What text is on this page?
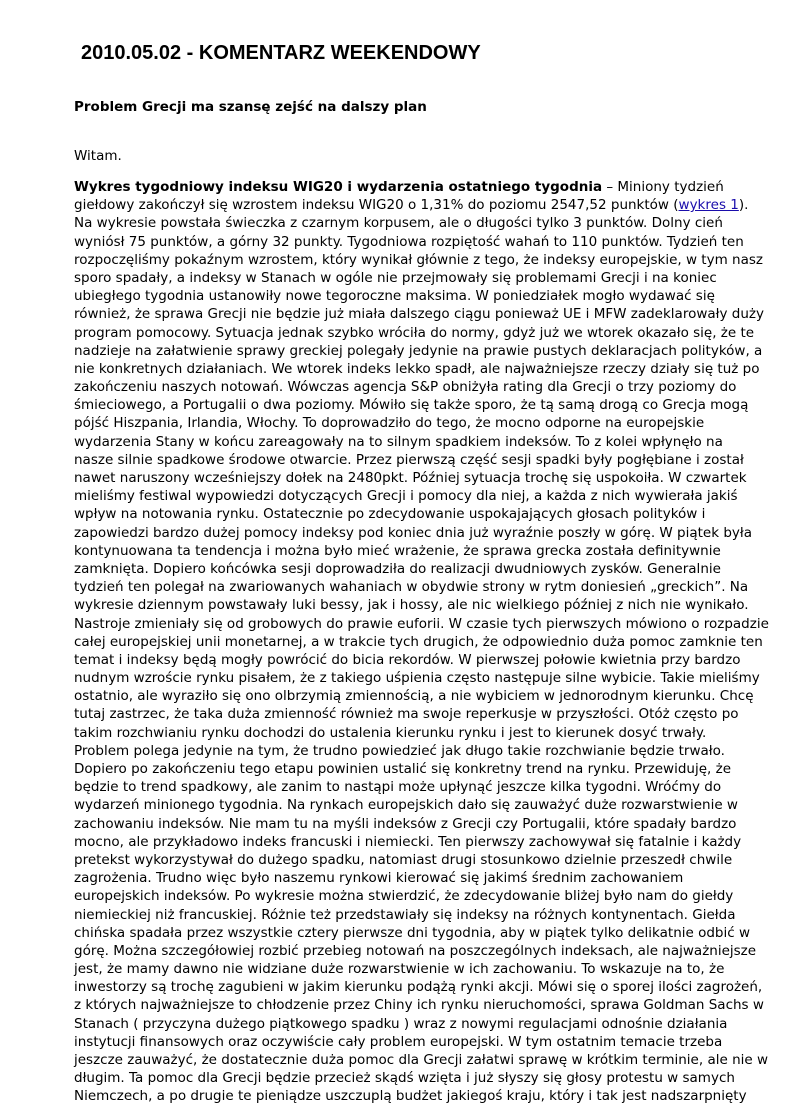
2010.05.02 - KOMENTARZ WEEKENDOWY
Problem Grecji ma szansę zejść na dalszy plan

Witam.

Wykres tygodniowy indeksu WIG20 i wydarzenia ostatniego tygodnia – Miniony tydzień
giełdowy zakończył się wzrostem indeksu WIG20 o 1,31% do poziomu 2547,52 punktów (wykres 1).
Na wykresie powstała świeczka z czarnym korpusem, ale o długości tylko 3 punktów. Dolny cień
wyniósł 75 punktów, a górny 32 punkty. Tygodniowa rozpiętość wahań to 110 punktów. Tydzień ten
rozpoczęliśmy pokaźnym wzrostem, który wynikał głównie z tego, że indeksy europejskie, w tym nasz
sporo spadały, a indeksy w Stanach w ogóle nie przejmowały się problemami Grecji i na koniec
ubiegłego tygodnia ustanowiły nowe tegoroczne maksima. W poniedziałek mogło wydawać się
również, że sprawa Grecji nie będzie już miała dalszego ciągu ponieważ UE i MFW zadeklarowały duży
program pomocowy. Sytuacja jednak szybko wróciła do normy, gdyż już we wtorek okazało się, że te
nadzieje na załatwienie sprawy greckiej polegały jedynie na prawie pustych deklaracjach polityków, a
nie konkretnych działaniach. We wtorek indeks lekko spadł, ale najważniejsze rzeczy działy się tuż po
zakończeniu naszych notowań. Wówczas agencja S&P obniżyła rating dla Grecji o trzy poziomy do
śmieciowego, a Portugalii o dwa poziomy. Mówiło się także sporo, że tą samą drogą co Grecja mogą
pójść Hiszpania, Irlandia, Włochy. To doprowadziło do tego, że mocno odporne na europejskie
wydarzenia Stany w końcu zareagowały na to silnym spadkiem indeksów. To z kolei wpłynęło na
nasze silnie spadkowe środowe otwarcie. Przez pierwszą część sesji spadki były pogłębiane i został
nawet naruszony wcześniejszy dołek na 2480pkt. Później sytuacja trochę się uspokoiła. W czwartek
mieliśmy festiwal wypowiedzi dotyczących Grecji i pomocy dla niej, a każda z nich wywierała jakiś
wpływ na notowania rynku. Ostatecznie po zdecydowanie uspokajających głosach polityków i
zapowiedzi bardzo dużej pomocy indeksy pod koniec dnia już wyraźnie poszły w górę. W piątek była
kontynuowana ta tendencja i można było mieć wrażenie, że sprawa grecka została definitywnie
zamknięta. Dopiero końcówka sesji doprowadziła do realizacji dwudniowych zysków. Generalnie
tydzień ten polegał na zwariowanych wahaniach w obydwie strony w rytm doniesień „greckich”. Na
wykresie dziennym powstawały luki bessy, jak i hossy, ale nic wielkiego później z nich nie wynikało.
Nastroje zmieniały się od grobowych do prawie euforii. W czasie tych pierwszych mówiono o rozpadzie
całej europejskiej unii monetarnej, a w trakcie tych drugich, że odpowiednio duża pomoc zamknie ten
temat i indeksy będą mogły powrócić do bicia rekordów. W pierwszej połowie kwietnia przy bardzo
nudnym wzroście rynku pisałem, że z takiego uśpienia często następuje silne wybicie. Takie mieliśmy
ostatnio, ale wyraziło się ono olbrzymią zmiennością, a nie wybiciem w jednorodnym kierunku. Chcę
tutaj zastrzec, że taka duża zmienność również ma swoje reperkusje w przyszłości. Otóż często po
takim rozchwianiu rynku dochodzi do ustalenia kierunku rynku i jest to kierunek dosyć trwały.
Problem polega jedynie na tym, że trudno powiedzieć jak długo takie rozchwianie będzie trwało.
Dopiero po zakończeniu tego etapu powinien ustalić się konkretny trend na rynku. Przewiduję, że
będzie to trend spadkowy, ale zanim to nastąpi może upłynąć jeszcze kilka tygodni. Wróćmy do
wydarzeń minionego tygodnia. Na rynkach europejskich dało się zauważyć duże rozwarstwienie w
zachowaniu indeksów. Nie mam tu na myśli indeksów z Grecji czy Portugalii, które spadały bardzo
mocno, ale przykładowo indeks francuski i niemiecki. Ten pierwszy zachowywał się fatalnie i każdy
pretekst wykorzystywał do dużego spadku, natomiast drugi stosunkowo dzielnie przeszedł chwile
zagrożenia. Trudno więc było naszemu rynkowi kierować się jakimś średnim zachowaniem
europejskich indeksów. Po wykresie można stwierdzić, że zdecydowanie bliżej było nam do giełdy
niemieckiej niż francuskiej. Różnie też przedstawiały się indeksy na różnych kontynentach. Giełda
chińska spadała przez wszystkie cztery pierwsze dni tygodnia, aby w piątek tylko delikatnie odbić w
górę. Można szczegółowiej rozbić przebieg notowań na poszczególnych indeksach, ale najważniejsze
jest, że mamy dawno nie widziane duże rozwarstwienie w ich zachowaniu. To wskazuje na to, że
inwestorzy są trochę zagubieni w jakim kierunku podążą rynki akcji. Mówi się o sporej ilości zagrożeń,
z których najważniejsze to chłodzenie przez Chiny ich rynku nieruchomości, sprawa Goldman Sachs w
Stanach ( przyczyna dużego piątkowego spadku ) wraz z nowymi regulacjami odnośnie działania
instytucji finansowych oraz oczywiście cały problem europejski. W tym ostatnim temacie trzeba
jeszcze zauważyć, że dostatecznie duża pomoc dla Grecji załatwi sprawę w krótkim terminie, ale nie w
długim. Ta pomoc dla Grecji będzie przecież skądś wzięta i już słyszy się głosy protestu w samych
Niemczech, a po drugie te pieniądze uszczuplą budżet jakiegoś kraju, który i tak jest nadszarpnięty
